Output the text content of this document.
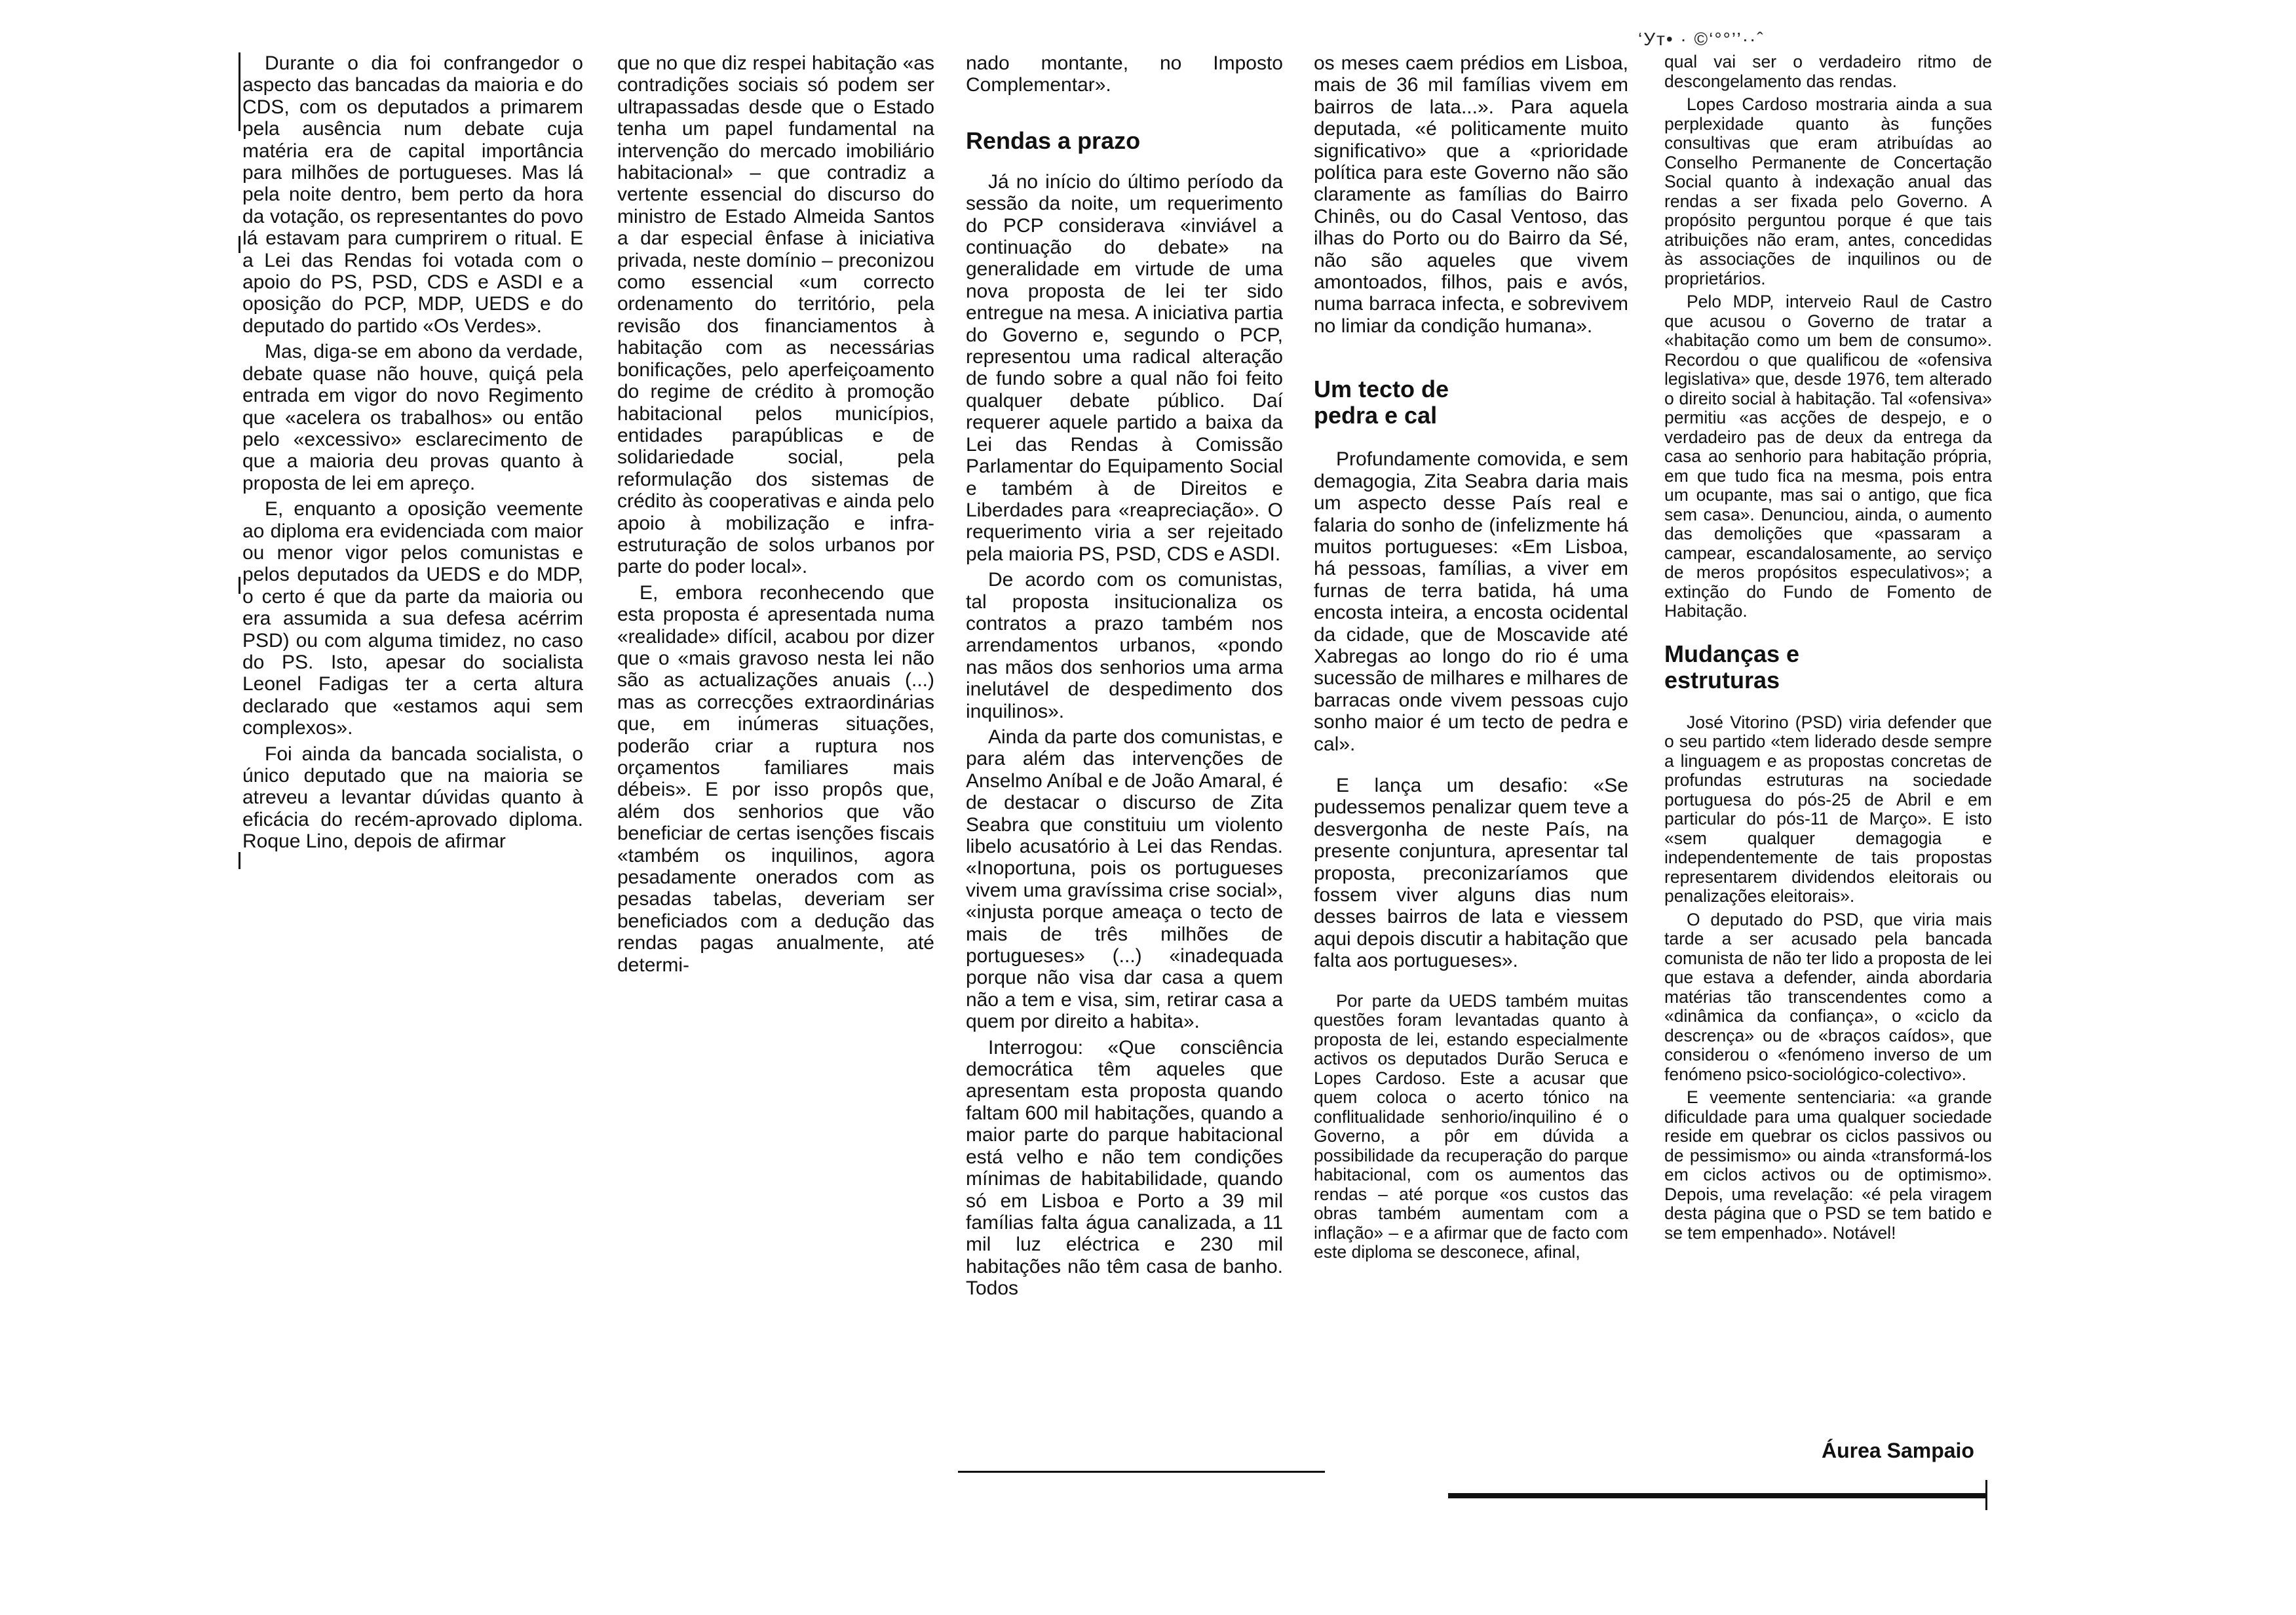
‘Ут• · ©‘°°’’··ˆ

Durante o dia foi confrangedor o aspecto das bancadas da maioria e do CDS, com os deputados a primarem pela ausência num debate cuja matéria era de capital importância para milhões de portugueses. Mas lá pela noite dentro, bem perto da hora da votação, os representantes do povo lá estavam para cumprirem o ritual. E a Lei das Rendas foi votada com o apoio do PS, PSD, CDS e ASDI e a oposição do PCP, MDP, UEDS e do deputado do partido «Os Verdes».

Mas, diga-se em abono da verdade, debate quase não houve, quiçá pela entrada em vigor do novo Regimento que «acelera os trabalhos» ou então pelo «excessivo» esclarecimento de que a maioria deu provas quanto à proposta de lei em apreço.

E, enquanto a oposição veemente ao diploma era evidenciada com maior ou menor vigor pelos comunistas e pelos deputados da UEDS e do MDP, o certo é que da parte da maioria ou era assumida a sua defesa acérrim PSD) ou com alguma timidez, no caso do PS. Isto, apesar do socialista Leonel Fadigas ter a certa altura declarado que «estamos aqui sem complexos».

Foi ainda da bancada socialista, o único deputado que na maioria se atreveu a levantar dúvidas quanto à eficácia do recém-aprovado diploma. Roque Lino, depois de afirmar

que no que diz respei habitação «as contradições sociais só podem ser ultrapassadas desde que o Estado tenha um papel fundamental na intervenção do mercado imobiliário habitacional» – que contradiz a vertente essencial do discurso do ministro de Estado Almeida Santos a dar especial ênfase à iniciativa privada, neste domínio – preconizou como essencial «um correcto ordenamento do território, pela revisão dos financiamentos à habitação com as necessárias bonificações, pelo aperfeiçoamento do regime de crédito à promoção habitacional pelos municípios, entidades parapúblicas e de solidariedade social, pela reformulação dos sistemas de crédito às cooperativas e ainda pelo apoio à mobilização e infra-estruturação de solos urbanos por parte do poder local».

E, embora reconhecendo que esta proposta é apresentada numa «realidade» difícil, acabou por dizer que o «mais gravoso nesta lei não são as actualizações anuais (...) mas as correcções extraordinárias que, em inúmeras situações, poderão criar a ruptura nos orçamentos familiares mais débeis». E por isso propôs que, além dos senhorios que vão beneficiar de certas isenções fiscais «também os inquilinos, agora pesadamente onerados com as pesadas tabelas, deveriam ser beneficiados com a dedução das rendas pagas anualmente, até determi-

nado montante, no Imposto Complementar».

Rendas a prazo

Já no início do último período da sessão da noite, um requerimento do PCP considerava «inviável a continuação do debate» na generalidade em virtude de uma nova proposta de lei ter sido entregue na mesa. A iniciativa partia do Governo e, segundo o PCP, representou uma radical alteração de fundo sobre a qual não foi feito qualquer debate público. Daí requerer aquele partido a baixa da Lei das Rendas à Comissão Parlamentar do Equipamento Social e também à de Direitos e Liberdades para «reapreciação». O requerimento viria a ser rejeitado pela maioria PS, PSD, CDS e ASDI.

De acordo com os comunistas, tal proposta insitucionaliza os contratos a prazo também nos arrendamentos urbanos, «pondo nas mãos dos senhorios uma arma inelutável de despedimento dos inquilinos».

Ainda da parte dos comunistas, e para além das intervenções de Anselmo Aníbal e de João Amaral, é de destacar o discurso de Zita Seabra que constituiu um violento libelo acusatório à Lei das Rendas. «Inoportuna, pois os portugueses vivem uma gravíssima crise social», «injusta porque ameaça o tecto de mais de três milhões de portugueses» (...) «inadequada porque não visa dar casa a quem não a tem e visa, sim, retirar casa a quem por direito a habita».

Interrogou: «Que consciência democrática têm aqueles que apresentam esta proposta quando faltam 600 mil habitações, quando a maior parte do parque habitacional está velho e não tem condições mínimas de habitabilidade, quando só em Lisboa e Porto a 39 mil famílias falta água canalizada, a 11 mil luz eléctrica e 230 mil habitações não têm casa de banho. Todos

os meses caem prédios em Lisboa, mais de 36 mil famílias vivem em bairros de lata...». Para aquela deputada, «é politicamente muito significativo» que a «prioridade política para este Governo não são claramente as famílias do Bairro Chinês, ou do Casal Ventoso, das ilhas do Porto ou do Bairro da Sé, não são aqueles que vivem amontoados, filhos, pais e avós, numa barraca infecta, e sobrevivem no limiar da condição humana».

Um tecto de pedra e cal

Profundamente comovida, e sem demagogia, Zita Seabra daria mais um aspecto desse País real e falaria do sonho de (infelizmente há muitos portugueses: «Em Lisboa, há pessoas, famílias, a viver em furnas de terra batida, há uma encosta inteira, a encosta ocidental da cidade, que de Moscavide até Xabregas ao longo do rio é uma sucessão de milhares e milhares de barracas onde vivem pessoas cujo sonho maior é um tecto de pedra e cal».

E lança um desafio: «Se pudessemos penalizar quem teve a desvergonha de neste País, na presente conjuntura, apresentar tal proposta, preconizaríamos que fossem viver alguns dias num desses bairros de lata e viessem aqui depois discutir a habitação que falta aos portugueses».

Por parte da UEDS também muitas questões foram levantadas quanto à proposta de lei, estando especialmente activos os deputados Durão Seruca e Lopes Cardoso. Este a acusar que quem coloca o acerto tónico na conflitualidade senhorio/inquilino é o Governo, a pôr em dúvida a possibilidade da recuperação do parque habitacional, com os aumentos das rendas – até porque «os custos das obras também aumentam com a inflação» – e a afirmar que de facto com este diploma se desconece, afinal,

qual vai ser o verdadeiro ritmo de descongelamento das rendas.

Lopes Cardoso mostraria ainda a sua perplexidade quanto às funções consultivas que eram atribuídas ao Conselho Permanente de Concertação Social quanto à indexação anual das rendas a ser fixada pelo Governo. A propósito perguntou porque é que tais atribuições não eram, antes, concedidas às associações de inquilinos ou de proprietários.

Pelo MDP, interveio Raul de Castro que acusou o Governo de tratar a «habitação como um bem de consumo». Recordou o que qualificou de «ofensiva legislativa» que, desde 1976, tem alterado o direito social à habitação. Tal «ofensiva» permitiu «as acções de despejo, e o verdadeiro pas de deux da entrega da casa ao senhorio para habitação própria, em que tudo fica na mesma, pois entra um ocupante, mas sai o antigo, que fica sem casa». Denunciou, ainda, o aumento das demolições que «passaram a campear, escandalosamente, ao serviço de meros propósitos especulativos»; a extinção do Fundo de Fomento de Habitação.

Mudanças e estruturas

José Vitorino (PSD) viria defender que o seu partido «tem liderado desde sempre a linguagem e as propostas concretas de profundas estruturas na sociedade portuguesa do pós-25 de Abril e em particular do pós-11 de Março». E isto «sem qualquer demagogia e independentemente de tais propostas representarem dividendos eleitorais ou penalizações eleitorais».

O deputado do PSD, que viria mais tarde a ser acusado pela bancada comunista de não ter lido a proposta de lei que estava a defender, ainda abordaria matérias tão transcendentes como a «dinâmica da confiança», o «ciclo da descrença» ou de «braços caídos», que considerou o «fenómeno inverso de um fenómeno psico-sociológico-colectivo».

E veemente sentenciaria: «a grande dificuldade para uma qualquer sociedade reside em quebrar os ciclos passivos ou de pessimismo» ou ainda «transformá-los em ciclos activos ou de optimismo». Depois, uma revelação: «é pela viragem desta página que o PSD se tem batido e se tem empenhado». Notável!

Áurea Sampaio
